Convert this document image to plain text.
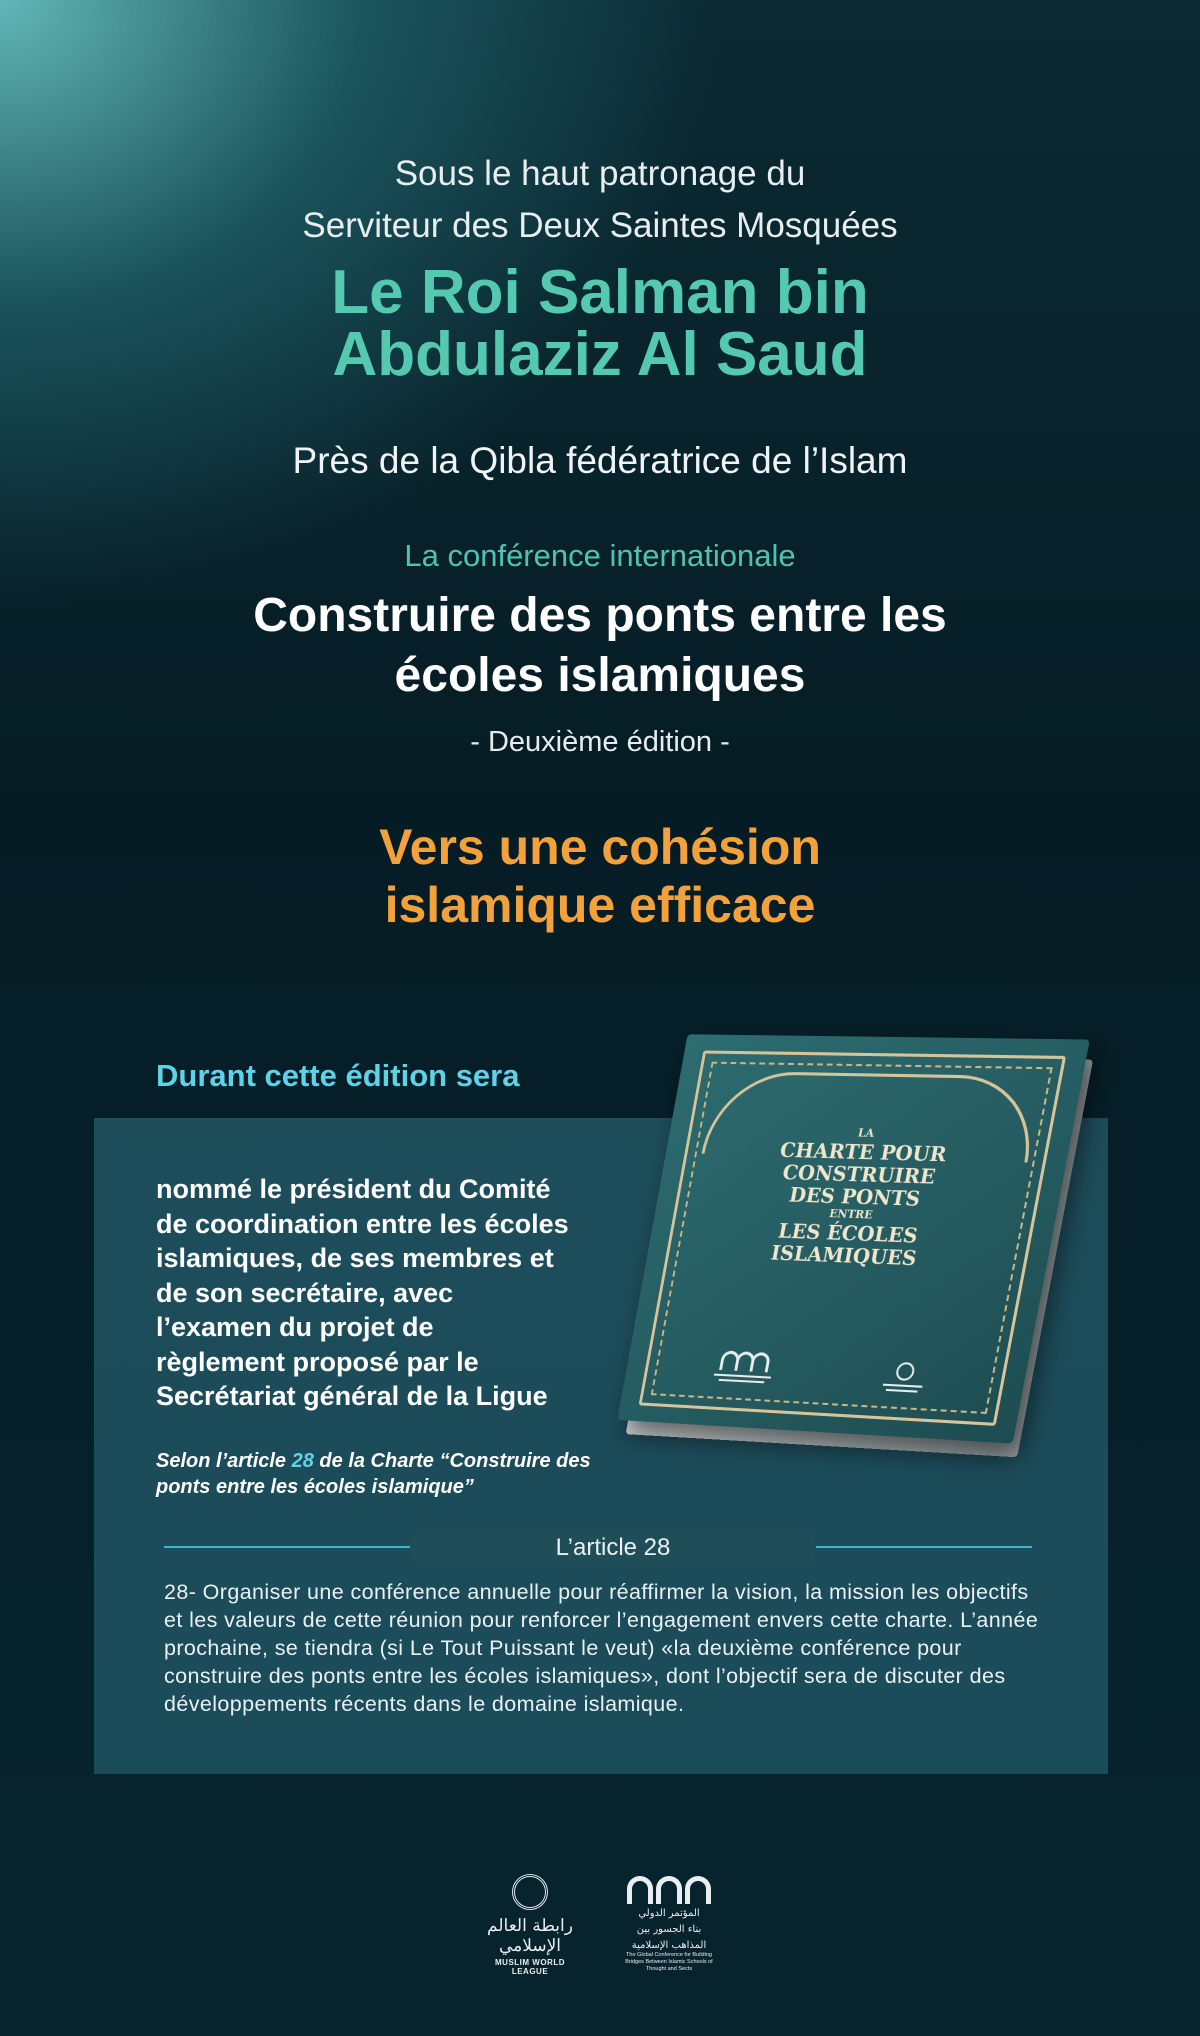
Sous le haut patronage du
Serviteur des Deux Saintes Mosquées
Le Roi Salman bin
Abdulaziz Al Saud
Près de la Qibla fédératrice de l’Islam
La conférence internationale
Construire des ponts entre les
écoles islamiques
- Deuxième édition -
Vers une cohésion
islamique efficace
Durant cette édition sera
nommé le président du Comité
de coordination entre les écoles
islamiques, de ses membres et
de son secrétaire, avec
l’examen du projet de
règlement proposé par le
Secrétariat général de la Ligue
Selon l’article 28 de la Charte “Construire des ponts entre les écoles islamique”
LA
CHARTE POUR
CONSTRUIRE
DES PONTS
ENTRE
LES ÉCOLES
ISLAMIQUES
L’article 28
28- Organiser une conférence annuelle pour réaffirmer la vision, la mission les objectifs et les valeurs de cette réunion pour renforcer l’engagement envers cette charte. L’année prochaine, se tiendra (si Le Tout Puissant le veut) «la deuxième conférence pour construire des ponts entre les écoles islamiques», dont l’objectif sera de discuter des développements récents dans le domaine islamique.
رابطة العالم الإسلامي
MUSLIM WORLD LEAGUE
المؤتمر الدولي
بناء الجسور بين
المذاهب الإسلامية
The Global Conference for Building Bridges Between Islamic Schools of Thought and Sects
